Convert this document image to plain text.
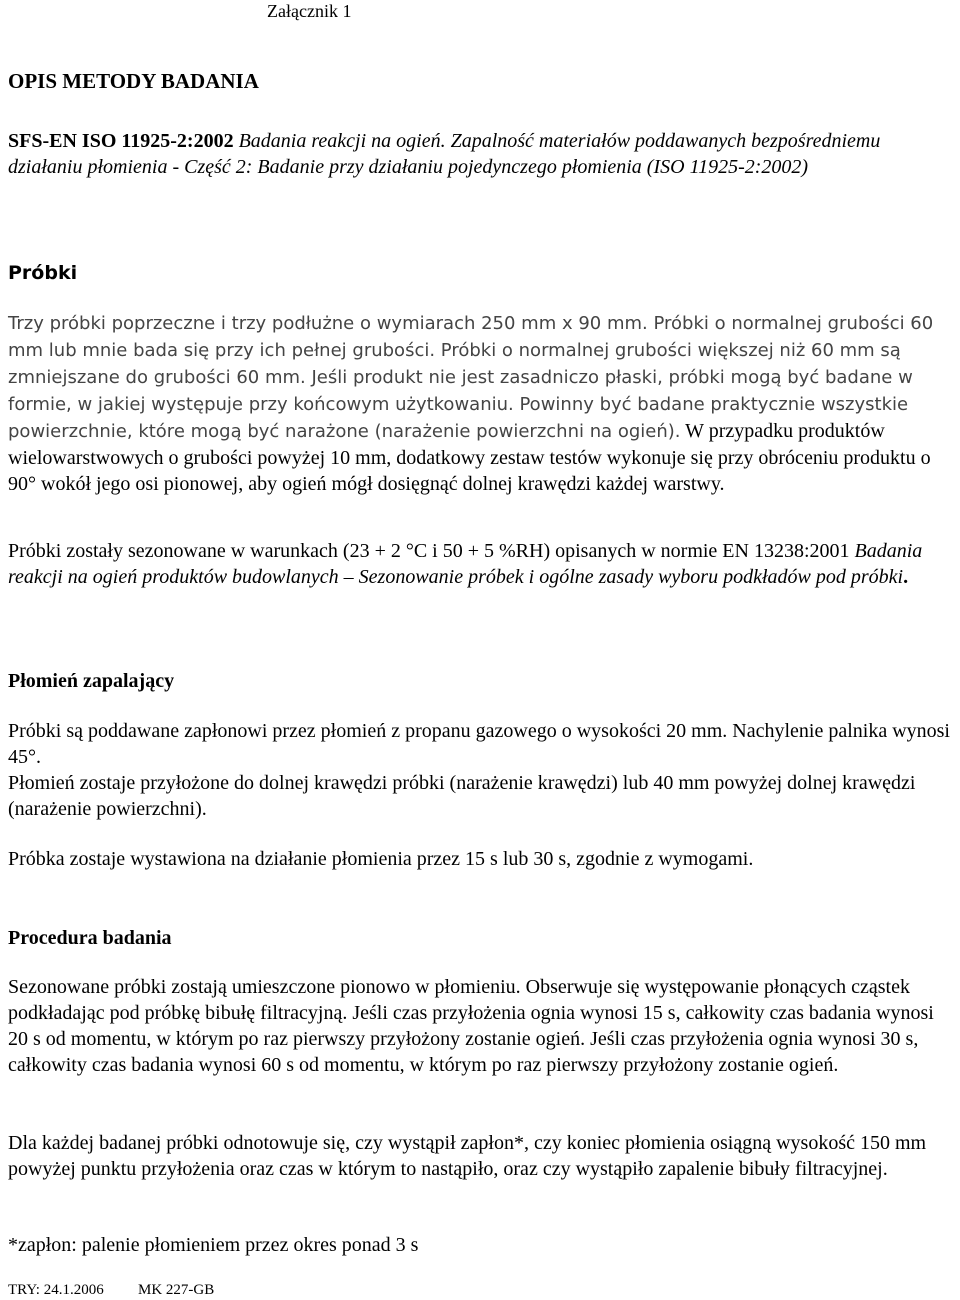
Załącznik 1
OPIS METODY BADANIA

SFS-EN ISO 11925-2:2002 Badania reakcji na ogień. Zapalność materiałów poddawanych bezpośredniemu działaniu płomienia - Część 2: Badanie przy działaniu pojedynczego płomienia (ISO 11925-2:2002)

Próbki

Trzy próbki poprzeczne i trzy podłużne o wymiarach 250 mm x 90 mm. Próbki o normalnej grubości 60 mm lub mnie bada się przy ich pełnej grubości. Próbki o normalnej grubości większej niż 60 mm są zmniejszane do grubości 60 mm. Jeśli produkt nie jest zasadniczo płaski, próbki mogą być badane w formie, w jakiej występuje przy końcowym użytkowaniu. Powinny być badane praktycznie wszystkie powierzchnie, które mogą być narażone (narażenie powierzchni na ogień). W przypadku produktów wielowarstwowych o grubości powyżej 10 mm, dodatkowy zestaw testów wykonuje się przy obróceniu produktu o 90° wokół jego osi pionowej, aby ogień mógł dosięgnąć dolnej krawędzi każdej warstwy.

Próbki zostały sezonowane w warunkach (23 + 2 °C i 50 + 5 %RH) opisanych w normie EN 13238:2001 Badania reakcji na ogień produktów budowlanych – Sezonowanie próbek i ogólne zasady wyboru podkładów pod próbki.

Płomień zapalający

Próbki są poddawane zapłonowi przez płomień z propanu gazowego o wysokości 20 mm. Nachylenie palnika wynosi 45°.

Płomień zostaje przyłożone do dolnej krawędzi próbki (narażenie krawędzi) lub 40 mm powyżej dolnej krawędzi (narażenie powierzchni).

Próbka zostaje wystawiona na działanie płomienia przez 15 s lub 30 s, zgodnie z wymogami.

Procedura badania

Sezonowane próbki zostają umieszczone pionowo w płomieniu. Obserwuje się występowanie płonących cząstek podkładając pod próbkę bibułę filtracyjną. Jeśli czas przyłożenia ognia wynosi 15 s, całkowity czas badania wynosi 20 s od momentu, w którym po raz pierwszy przyłożony zostanie ogień. Jeśli czas przyłożenia ognia wynosi 30 s, całkowity czas badania wynosi 60 s od momentu, w którym po raz pierwszy przyłożony zostanie ogień.

Dla każdej badanej próbki odnotowuje się, czy wystąpił zapłon*, czy koniec płomienia osiągną wysokość 150 mm powyżej punktu przyłożenia oraz czas w którym to nastąpiło, oraz czy wystąpiło zapalenie bibuły filtracyjnej.

*zapłon: palenie płomieniem przez okres ponad 3 s

TRY: 24.1.2006 MK 227-GB
